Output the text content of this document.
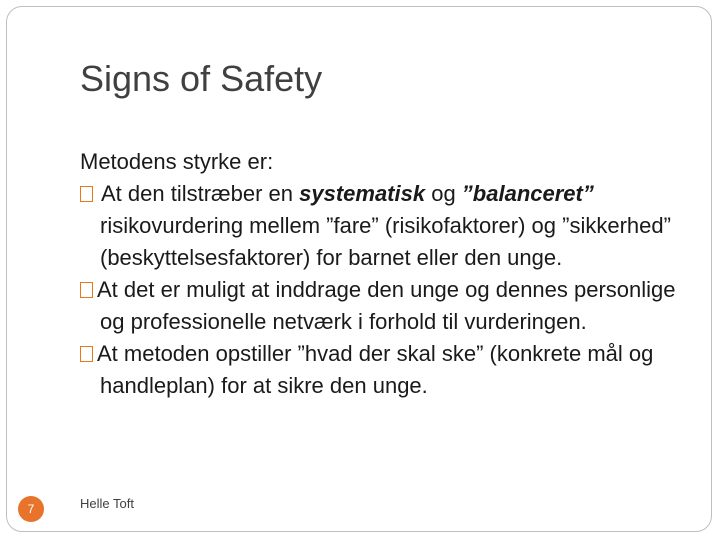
Signs of Safety

Metodens styrke er:

At den tilstræber en systematisk og ”balanceret” risikovurdering mellem ”fare” (risikofaktorer) og ”sikkerhed” (beskyttelsesfaktorer) for barnet eller den unge.

At det er muligt at inddrage den unge og dennes personlige og professionelle netværk i forhold til vurderingen.

At metoden opstiller ”hvad der skal ske” (konkrete mål og handleplan) for at sikre den unge.

7	Helle Toft
